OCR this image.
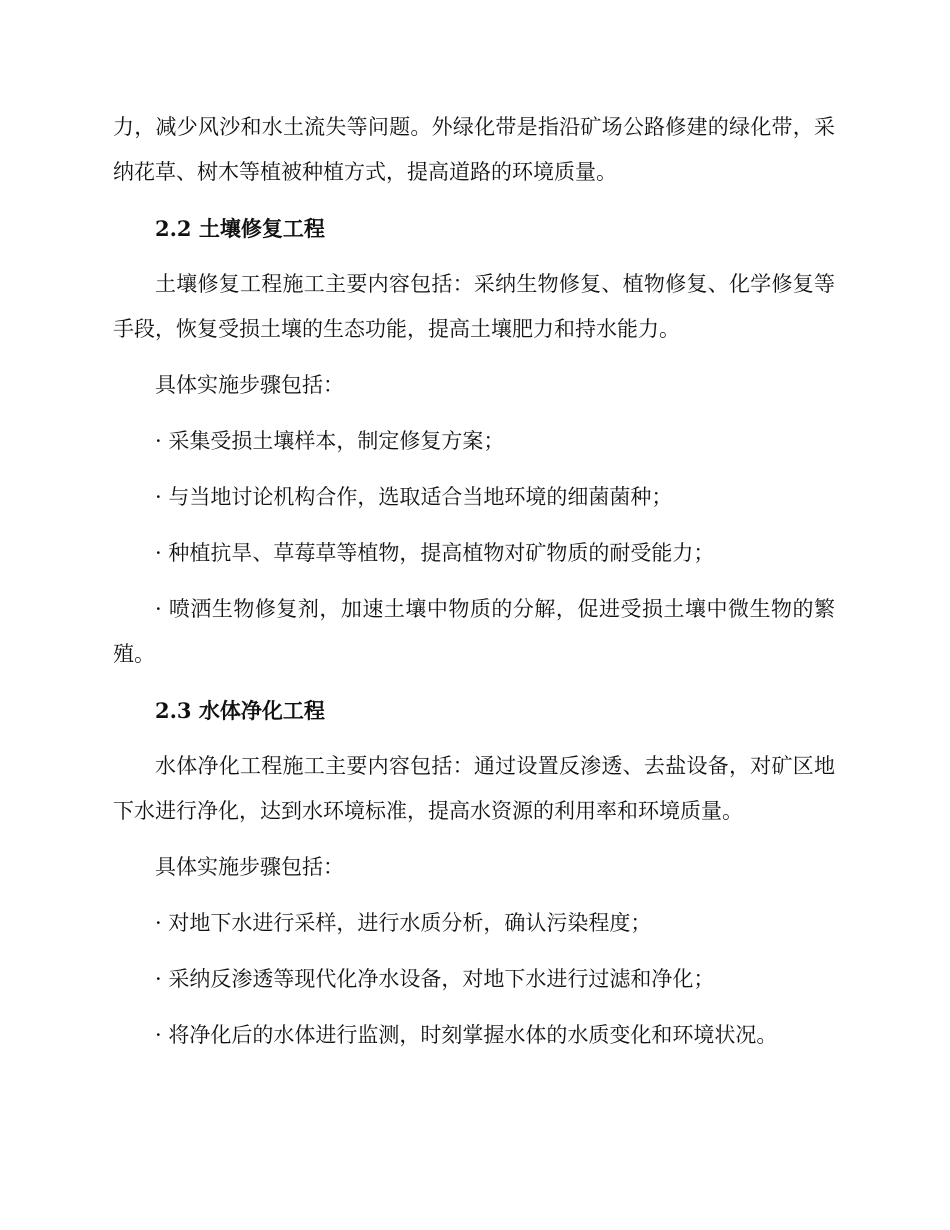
力，减少风沙和水土流失等问题。外绿化带是指沿矿场公路修建的绿化带，采纳花草、树木等植被种植方式，提高道路的环境质量。

2.2 土壤修复工程

土壤修复工程施工主要内容包括：采纳生物修复、植物修复、化学修复等手段，恢复受损土壤的生态功能，提高土壤肥力和持水能力。

具体实施步骤包括：

· 采集受损土壤样本，制定修复方案；

· 与当地讨论机构合作，选取适合当地环境的细菌菌种；

· 种植抗旱、草莓草等植物，提高植物对矿物质的耐受能力；

· 喷洒生物修复剂，加速土壤中物质的分解，促进受损土壤中微生物的繁殖。

2.3 水体净化工程

水体净化工程施工主要内容包括：通过设置反渗透、去盐设备，对矿区地下水进行净化，达到水环境标准，提高水资源的利用率和环境质量。

具体实施步骤包括：

· 对地下水进行采样，进行水质分析，确认污染程度；

· 采纳反渗透等现代化净水设备，对地下水进行过滤和净化；

· 将净化后的水体进行监测，时刻掌握水体的水质变化和环境状况。
